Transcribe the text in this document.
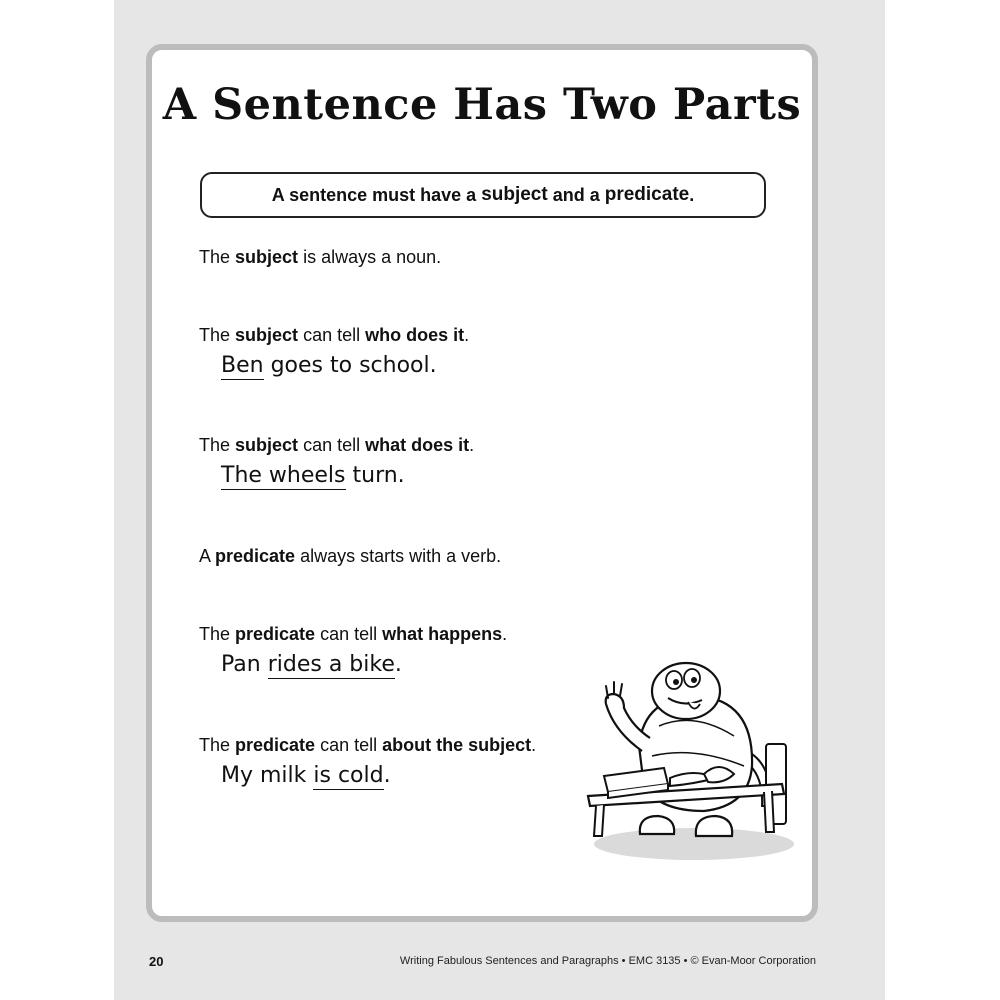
A Sentence Has Two Parts
A sentence must have a subject and a predicate .
The subject is always a noun.
The subject can tell who does it.
Ben goes to school.
The subject can tell what does it.
The wheels turn.
A predicate always starts with a verb.
The predicate can tell what happens.
Pan rides a bike.
The predicate can tell about the subject.
My milk is cold.
20	Writing Fabulous Sentences and Paragraphs • EMC 3135 • © Evan-Moor Corporation
